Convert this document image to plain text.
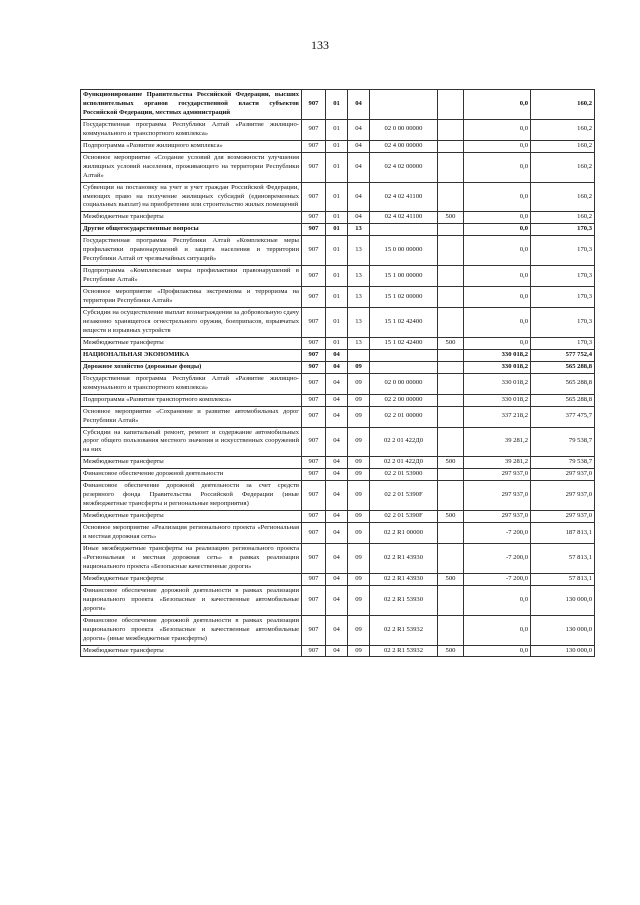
133
Функционирование Правительства Российской Федерации, высших исполнительных органов государственной власти субъектов Российской Федерации, местных администраций	907	01	04			0,0	160,2
Государственная программа Республики Алтай «Развитие жилищно-коммунального и транспортного комплекса»	907	01	04	02 0 00 00000		0,0	160,2
Подпрограмма «Развитие жилищного комплекса»	907	01	04	02 4 00 00000		0,0	160,2
Основное мероприятие «Создание условий для возможности улучшения жилищных условий населения, проживающего на территории Республики Алтай»	907	01	04	02 4 02 00000		0,0	160,2
Субвенции на постановку на учет и учет граждан Российской Федерации, имеющих право на получение жилищных субсидий (единовременных социальных выплат) на приобретение или строительство жилых помещений	907	01	04	02 4 02 41100		0,0	160,2
Межбюджетные трансферты	907	01	04	02 4 02 41100	500	0,0	160,2
Другие общегосударственные вопросы	907	01	13			0,0	170,3
Государственная программа Республики Алтай «Комплексные меры профилактики правонарушений и защита населения и территории Республики Алтай от чрезвычайных ситуаций»	907	01	13	15 0 00 00000		0,0	170,3
Подпрограмма «Комплексные меры профилактики правонарушений в Республике Алтай»	907	01	13	15 1 00 00000		0,0	170,3
Основное мероприятие «Профилактика экстремизма и терроризма на территории Республики Алтай»	907	01	13	15 1 02 00000		0,0	170,3
Субсидии на осуществление выплат вознаграждения за добровольную сдачу незаконно хранящегося огнестрельного оружия, боеприпасов, взрывчатых веществ и взрывных устройств	907	01	13	15 1 02 42400		0,0	170,3
Межбюджетные трансферты	907	01	13	15 1 02 42400	500	0,0	170,3
НАЦИОНАЛЬНАЯ ЭКОНОМИКА	907	04				330 018,2	577 752,4
Дорожное хозяйство (дорожные фонды)	907	04	09			330 018,2	565 288,8
Государственная программа Республики Алтай «Развитие жилищно-коммунального и транспортного комплекса»	907	04	09	02 0 00 00000		330 018,2	565 288,8
Подпрограмма «Развитие транспортного комплекса»	907	04	09	02 2 00 00000		330 018,2	565 288,8
Основное мероприятие «Сохранение и развитие автомобильных дорог Республики Алтай»	907	04	09	02 2 01 00000		337 218,2	377 475,7
Субсидии на капитальный ремонт, ремонт и содержание автомобильных дорог общего пользования местного значения и искусственных сооружений на них	907	04	09	02 2 01 422Д0		39 281,2	79 538,7
Межбюджетные трансферты	907	04	09	02 2 01 422Д0	500	39 281,2	79 538,7
Финансовое обеспечение дорожной деятельности	907	04	09	02 2 01 53900		297 937,0	297 937,0
Финансовое обеспечение дорожной деятельности за счет средств резервного фонда Правительства Российской Федерации (иные межбюджетные трансферты и региональные мероприятия)	907	04	09	02 2 01 5390F		297 937,0	297 937,0
Межбюджетные трансферты	907	04	09	02 2 01 5390F	500	297 937,0	297 937,0
Основное мероприятие «Реализация регионального проекта «Региональная и местная дорожная сеть»	907	04	09	02 2 R1 00000		-7 200,0	187 813,1
Иные межбюджетные трансферты на реализацию регионального проекта «Региональная и местная дорожная сеть» в рамках реализации национального проекта «Безопасные качественные дороги»	907	04	09	02 2 R1 43930		-7 200,0	57 813,1
Межбюджетные трансферты	907	04	09	02 2 R1 43930	500	-7 200,0	57 813,1
Финансовое обеспечение дорожной деятельности в рамках реализации национального проекта «Безопасные и качественные автомобильные дороги»	907	04	09	02 2 R1 53930		0,0	130 000,0
Финансовое обеспечение дорожной деятельности в рамках реализации национального проекта «Безопасные и качественные автомобильные дороги» (иные межбюджетные трансферты)	907	04	09	02 2 R1 53932		0,0	130 000,0
Межбюджетные трансферты	907	04	09	02 2 R1 53932	500	0,0	130 000,0
